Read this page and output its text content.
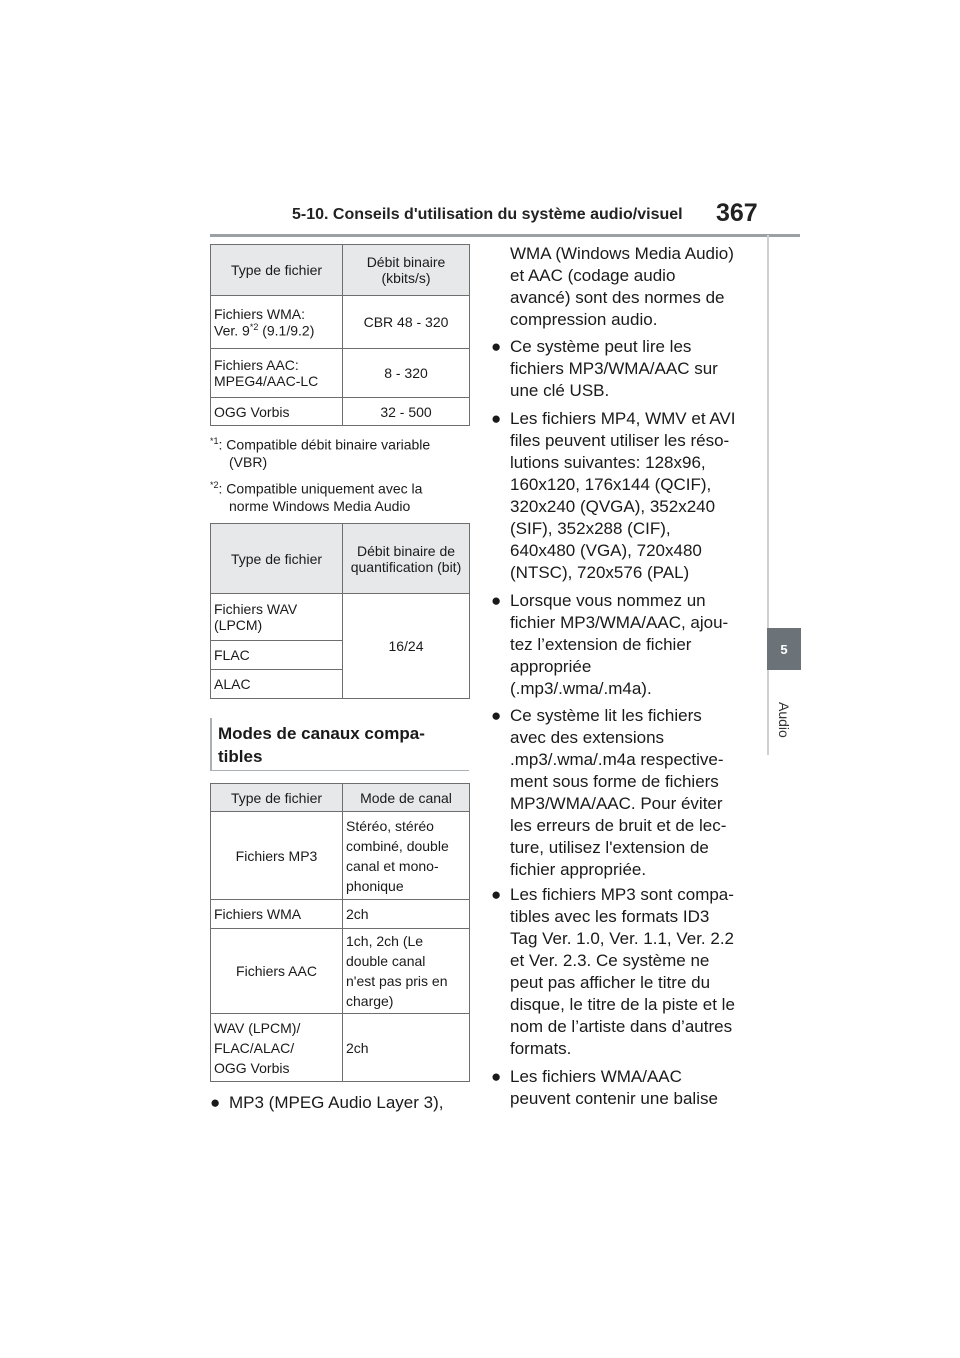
5-10. Conseils d'utilisation du système audio/visuel 367
5
Audio
Type de fichier	Débit binaire (kbits/s)

Fichiers WMA:
Ver. 9$^{*2}$ (9.1/9.2)	CBR 48 - 320

Fichiers AAC:
MPEG4/AAC-LC	8 - 320
OGG Vorbis	32 - 500
$^{*1}$: Compatible débit binaire variable
(VBR)
$^{*2}$: Compatible uniquement avec la
norme Windows Media Audio
Type de fichier	Débit binaire de quantification (bit)
Fichiers WAV (LPCM)	16/24
FLAC	
ALAC	
Modes de canaux compa-
tibles
Type de fichier	Mode de canal
Fichiers MP3	Stéréo, stéréo
combiné, double
canal et mono-
phonique

Fichiers WMA	2ch
Fichiers AAC	1ch, 2ch (Le
double canal
n'est pas pris en
charge)

WAV (LPCM)/
FLAC/ALAC/
OGG Vorbis	2ch
● MP3 (MPEG Audio Layer 3),
WMA (Windows Media Audio)
et AAC (codage audio
avancé) sont des normes de
compression audio.
● Ce système peut lire les
fichiers MP3/WMA/AAC sur
une clé USB.
● Les fichiers MP4, WMV et AVI
files peuvent utiliser les réso-
lutions suivantes: 128x96,
160x120, 176x144 (QCIF),
320x240 (QVGA), 352x240
(SIF), 352x288 (CIF),
640x480 (VGA), 720x480
(NTSC), 720x576 (PAL)
● Lorsque vous nommez un
fichier MP3/WMA/AAC, ajou-
tez l’extension de fichier
appropriée
(.mp3/.wma/.m4a).
● Ce système lit les fichiers
avec des extensions
.mp3/.wma/.m4a respective-
ment sous forme de fichiers
MP3/WMA/AAC. Pour éviter
les erreurs de bruit et de lec-
ture, utilisez l'extension de
fichier appropriée.
● Les fichiers MP3 sont compa-
tibles avec les formats ID3
Tag Ver. 1.0, Ver. 1.1, Ver. 2.2
et Ver. 2.3. Ce système ne
peut pas afficher le titre du
disque, le titre de la piste et le
nom de l’artiste dans d’autres
formats.
● Les fichiers WMA/AAC
peuvent contenir une balise
